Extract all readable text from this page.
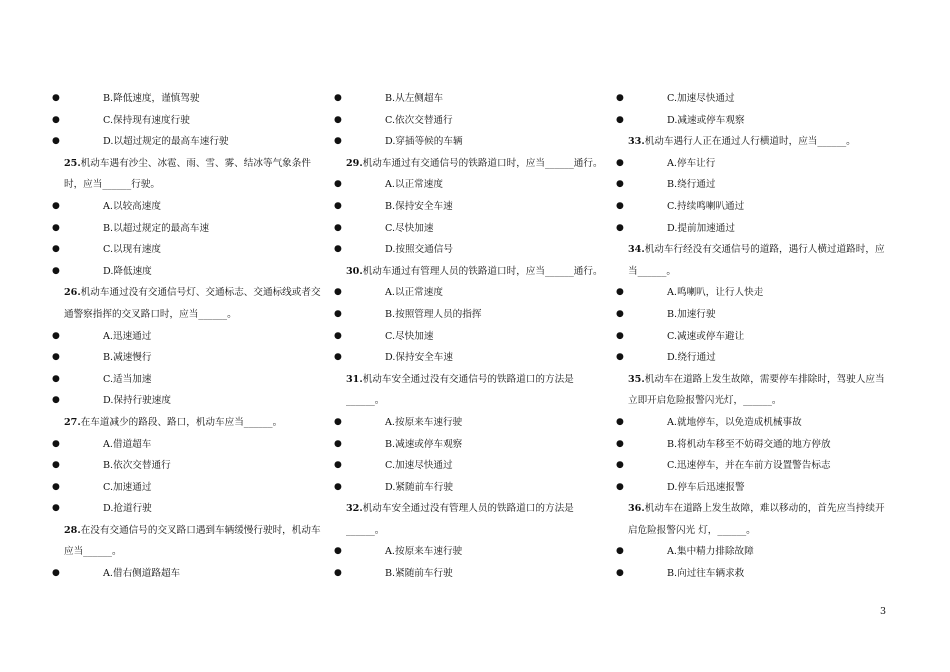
●	B.降低速度，谨慎驾驶
●	C.保持现有速度行驶
●	D.以超过规定的最高车速行驶
25.机动车遇有沙尘、冰雹、雨、雪、雾、结冰等气象条件时，应当______行驶。
●	A.以较高速度
●	B.以超过规定的最高车速
●	C.以现有速度
●	D.降低速度
26.机动车通过没有交通信号灯、交通标志、交通标线或者交通警察指挥的交叉路口时，应当______。
●	A.迅速通过
●	B.减速慢行
●	C.适当加速
●	D.保持行驶速度
27.在车道减少的路段、路口，机动车应当______。
●	A.借道超车
●	B.依次交替通行
●	C.加速通过
●	D.抢道行驶
28.在没有交通信号的交叉路口遇到车辆缓慢行驶时，机动车应当______。
●	A.借右侧道路超车
●	B.从左侧超车
●	C.依次交替通行
●	D.穿插等候的车辆
29.机动车通过有交通信号的铁路道口时，应当______通行。
●	A.以正常速度
●	B.保持安全车速
●	C.尽快加速
●	D.按照交通信号
30.机动车通过有管理人员的铁路道口时，应当______通行。
●	A.以正常速度
●	B.按照管理人员的指挥
●	C.尽快加速
●	D.保持安全车速
31.机动车安全通过没有交通信号的铁路道口的方法是______。
●	A.按原来车速行驶
●	B.减速或停车观察
●	C.加速尽快通过
●	D.紧随前车行驶
32.机动车安全通过没有管理人员的铁路道口的方法是______。
●	A.按原来车速行驶
●	B.紧随前车行驶
●	C.加速尽快通过
●	D.减速或停车观察
33.机动车遇行人正在通过人行横道时，应当______。
●	A.停车让行
●	B.绕行通过
●	C.持续鸣喇叭通过
●	D.提前加速通过
34.机动车行经没有交通信号的道路，遇行人横过道路时，应当______。
●	A.鸣喇叭，让行人快走
●	B.加速行驶
●	C.减速或停车避让
●	D.绕行通过
35.机动车在道路上发生故障，需要停车排除时，驾驶人应当立即开启危险报警闪光灯，______。
●	A.就地停车，以免造成机械事故
●	B.将机动车移至不妨碍交通的地方停放
●	C.迅速停车，并在车前方设置警告标志
●	D.停车后迅速报警
36.机动车在道路上发生故障，难以移动的，首先应当持续开启危险报警闪光 灯，______。
●	A.集中精力排除故障
●	B.向过往车辆求救
3
